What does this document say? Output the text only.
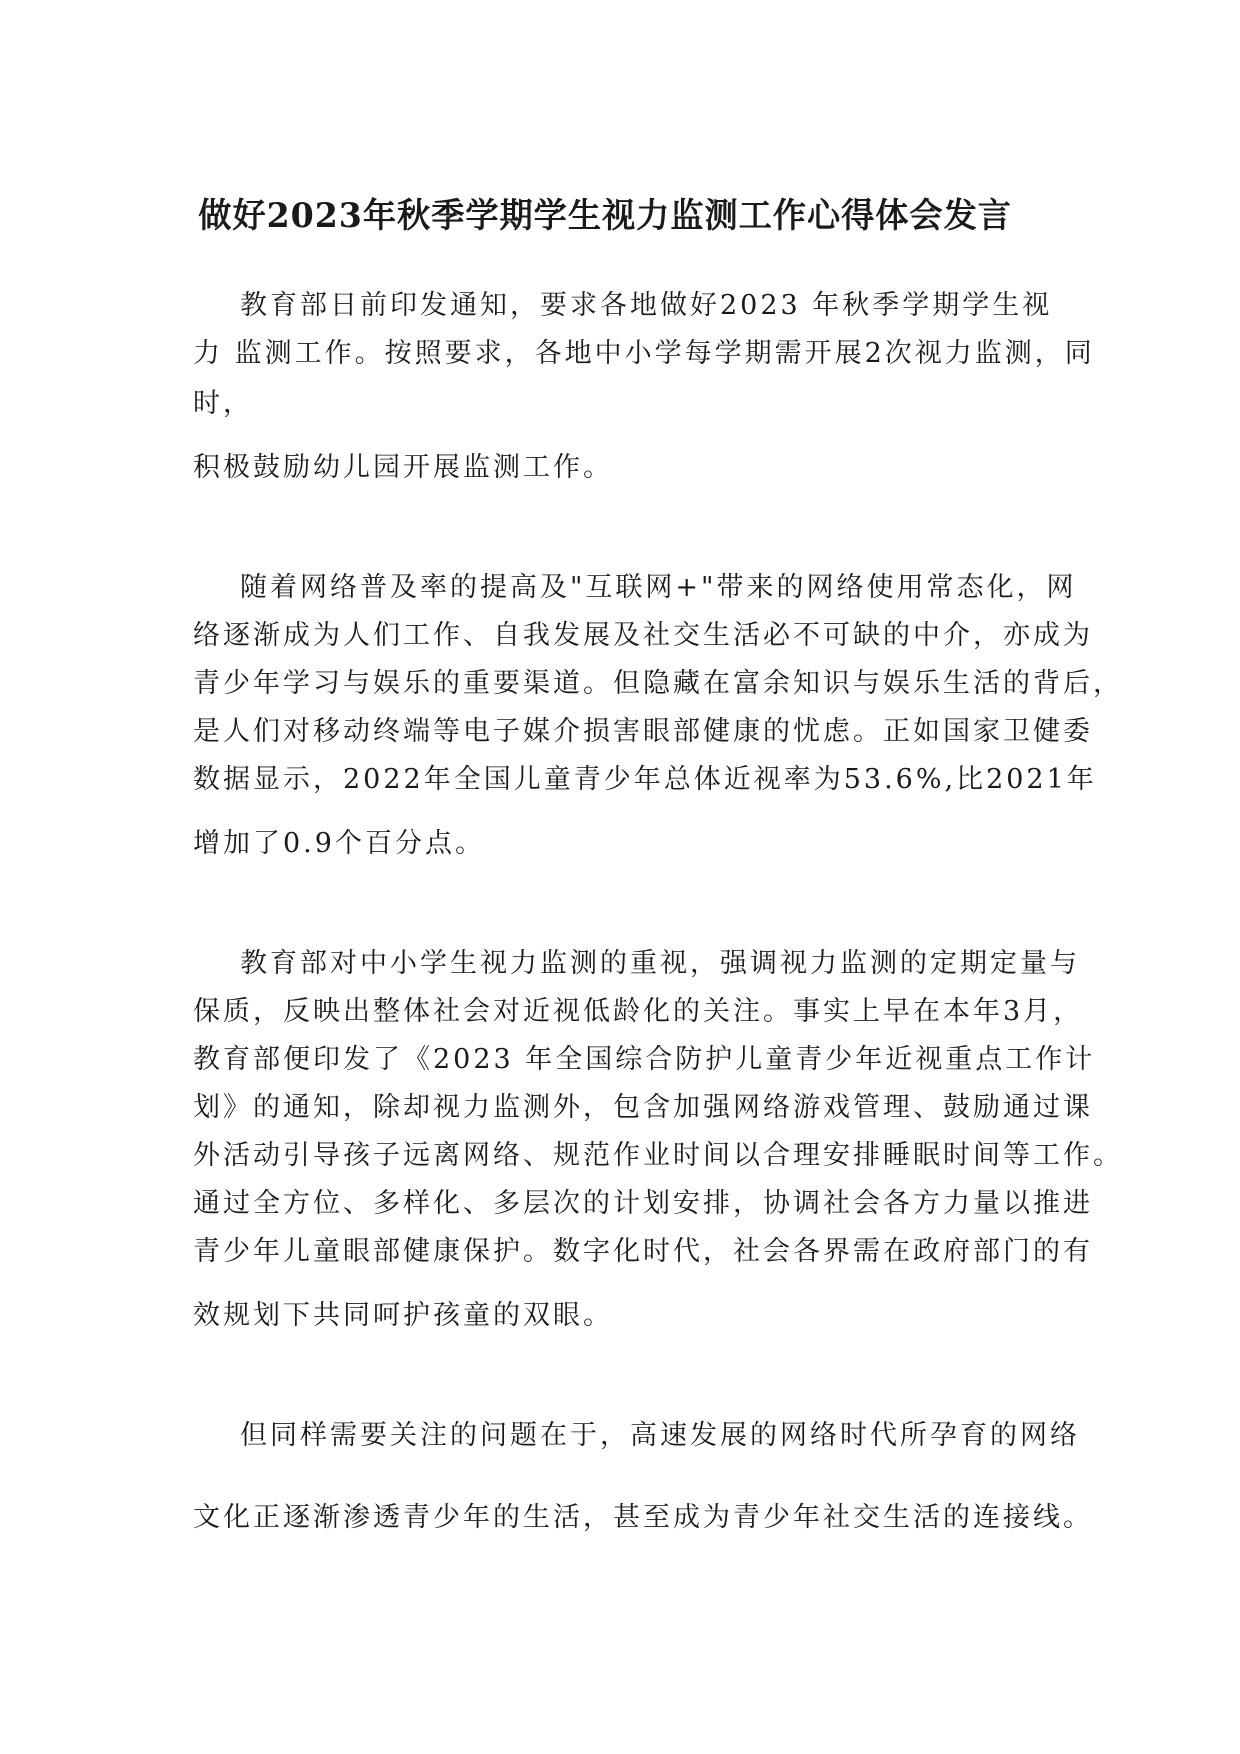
做好2023年秋季学期学生视力监测工作心得体会发言
教育部日前印发通知，要求各地做好2023 年秋季学期学生视
力 监测工作。按照要求，各地中小学每学期需开展2次视力监测，同
时，
积极鼓励幼儿园开展监测工作。
随着网络普及率的提高及"互联网+"带来的网络使用常态化，网
络逐渐成为人们工作、自我发展及社交生活必不可缺的中介，亦成为
青少年学习与娱乐的重要渠道。但隐藏在富余知识与娱乐生活的背后，
是人们对移动终端等电子媒介损害眼部健康的忧虑。正如国家卫健委
数据显示，2022年全国儿童青少年总体近视率为53.6%,比2021年
增加了0.9个百分点。
教育部对中小学生视力监测的重视，强调视力监测的定期定量与
保质，反映出整体社会对近视低龄化的关注。事实上早在本年3月，
教育部便印发了《2023 年全国综合防护儿童青少年近视重点工作计
划》的通知，除却视力监测外，包含加强网络游戏管理、鼓励通过课
外活动引导孩子远离网络、规范作业时间以合理安排睡眠时间等工作。
通过全方位、多样化、多层次的计划安排，协调社会各方力量以推进
青少年儿童眼部健康保护。数字化时代，社会各界需在政府部门的有
效规划下共同呵护孩童的双眼。
但同样需要关注的问题在于，高速发展的网络时代所孕育的网络
文化正逐渐渗透青少年的生活，甚至成为青少年社交生活的连接线。
